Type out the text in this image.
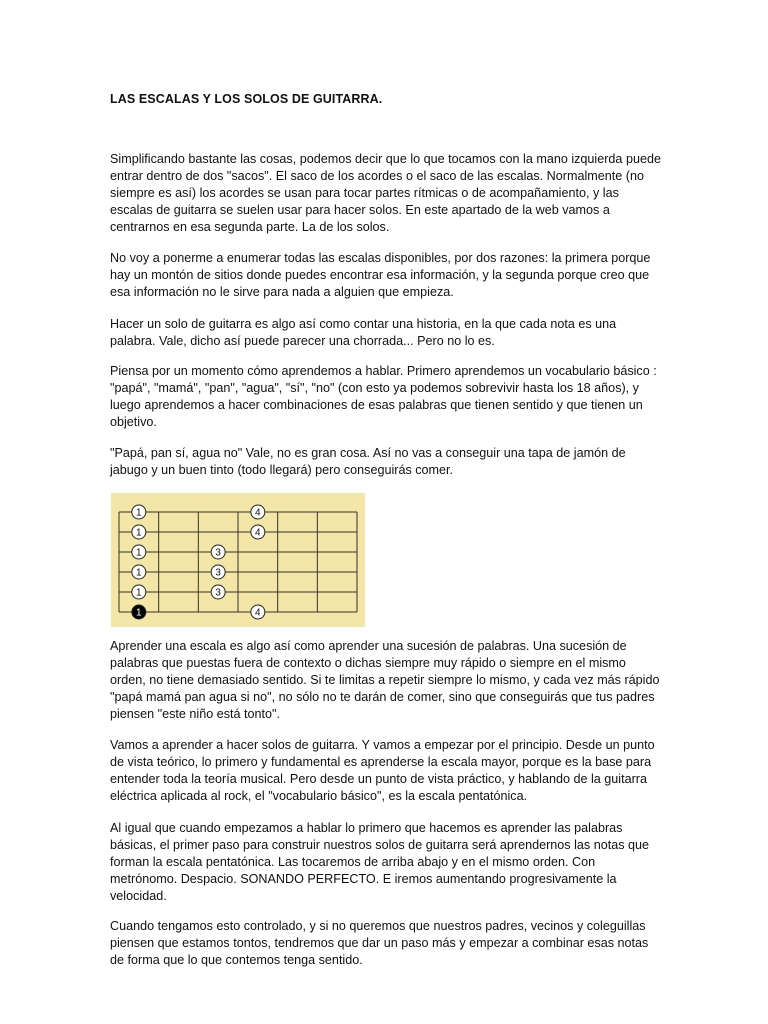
LAS ESCALAS Y LOS SOLOS DE GUITARRA.

Simplificando bastante las cosas, podemos decir que lo que tocamos con la mano izquierda puede entrar dentro de dos "sacos". El saco de los acordes o el saco de las escalas. Normalmente (no siempre es así) los acordes se usan para tocar partes rítmicas o de acompañamiento, y las escalas de guitarra se suelen usar para hacer solos. En este apartado de la web vamos a centrarnos en esa segunda parte. La de los solos.

No voy a ponerme a enumerar todas las escalas disponibles, por dos razones: la primera porque hay un montón de sitios donde puedes encontrar esa información, y la segunda porque creo que esa información no le sirve para nada a alguien que empieza.

Hacer un solo de guitarra es algo así como contar una historia, en la que cada nota es una palabra. Vale, dicho así puede parecer una chorrada... Pero no lo es.

Piensa por un momento cómo aprendemos a hablar. Primero aprendemos un vocabulario básico : "papá", "mamá", "pan", "agua", "sí", "no" (con esto ya podemos sobrevivir hasta los 18 años), y luego aprendemos a hacer combinaciones de esas palabras que tienen sentido y que tienen un objetivo.

"Papá, pan sí, agua no" Vale, no es gran cosa. Así no vas a conseguir una tapa de jamón de jabugo y un buen tinto (todo llegará) pero conseguirás comer.

1	4
1	4
1	3
1	3
1	3
1	4

Aprender una escala es algo así como aprender una sucesión de palabras. Una sucesión de palabras que puestas fuera de contexto o dichas siempre muy rápido o siempre en el mismo orden, no tiene demasiado sentido. Si te limitas a repetir siempre lo mismo, y cada vez más rápido "papá mamá pan agua si no", no sólo no te darán de comer, sino que conseguirás que tus padres piensen "este niño está tonto".

Vamos a aprender a hacer solos de guitarra. Y vamos a empezar por el principio. Desde un punto de vista teórico, lo primero y fundamental es aprenderse la escala mayor, porque es la base para entender toda la teoría musical. Pero desde un punto de vista práctico, y hablando de la guitarra eléctrica aplicada al rock, el "vocabulario básico", es la escala pentatónica.

Al igual que cuando empezamos a hablar lo primero que hacemos es aprender las palabras básicas, el primer paso para construir nuestros solos de guitarra será aprendernos las notas que forman la escala pentatónica. Las tocaremos de arriba abajo y en el mismo orden. Con metrónomo. Despacio. SONANDO PERFECTO. E iremos aumentando progresivamente la velocidad.

Cuando tengamos esto controlado, y si no queremos que nuestros padres, vecinos y coleguillas piensen que estamos tontos, tendremos que dar un paso más y empezar a combinar esas notas de forma que lo que contemos tenga sentido.
